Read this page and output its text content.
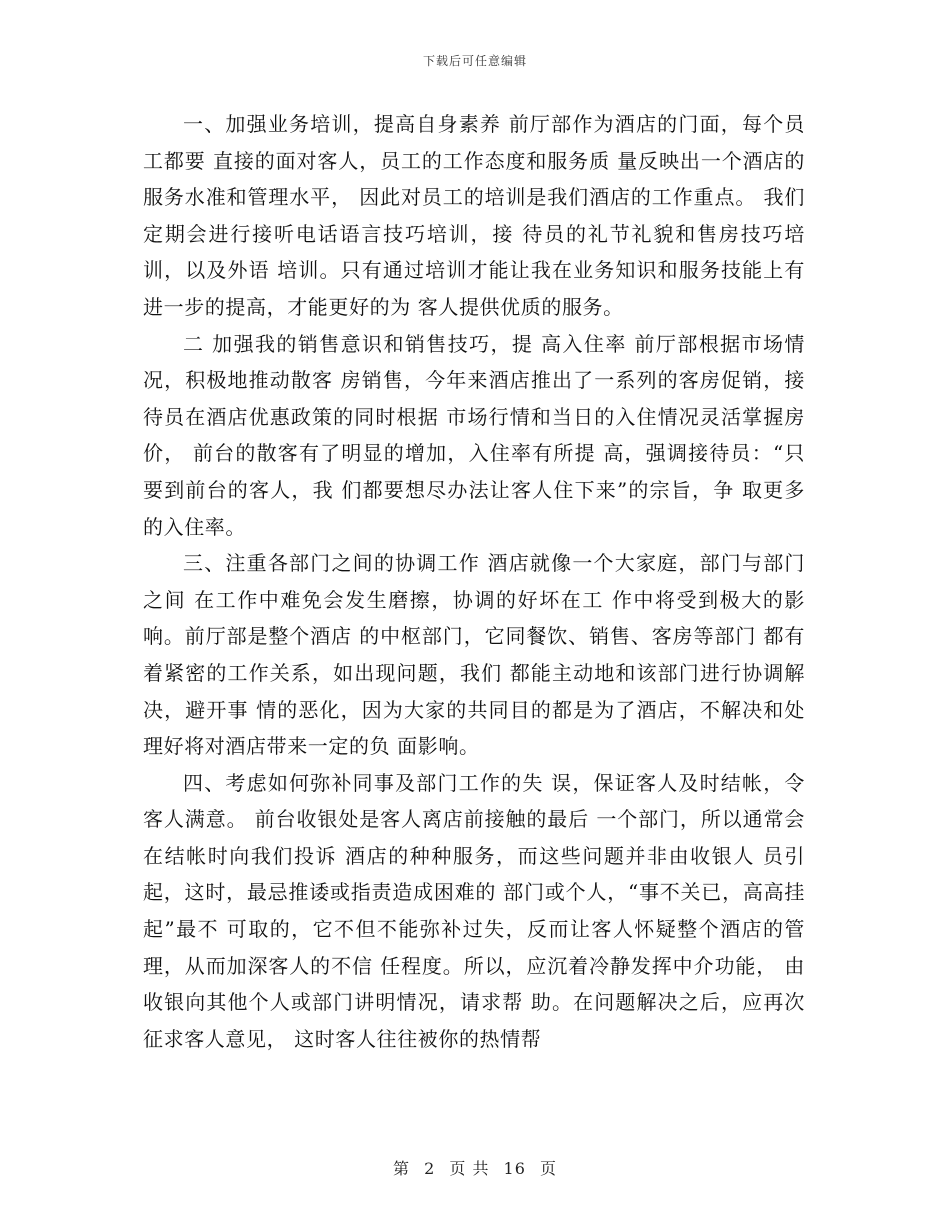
下载后可任意编辑

一、加强业务培训，提高自身素养 前厅部作为酒店的门面，每个员工都要 直接的面对客人，员工的工作态度和服务质 量反映出一个酒店的服务水准和管理水平， 因此对员工的培训是我们酒店的工作重点。 我们定期会进行接听电话语言技巧培训，接 待员的礼节礼貌和售房技巧培训，以及外语 培训。只有通过培训才能让我在业务知识和服务技能上有进一步的提高，才能更好的为 客人提供优质的服务。

二 加强我的销售意识和销售技巧，提 高入住率 前厅部根据市场情况，积极地推动散客 房销售，今年来酒店推出了一系列的客房促销，接待员在酒店优惠政策的同时根据 市场行情和当日的入住情况灵活掌握房价， 前台的散客有了明显的增加，入住率有所提 高，强调接待员：“只要到前台的客人，我 们都要想尽办法让客人住下来”的宗旨，争 取更多的入住率。

三、注重各部门之间的协调工作 酒店就像一个大家庭，部门与部门之间 在工作中难免会发生磨擦，协调的好坏在工 作中将受到极大的影响。前厅部是整个酒店 的中枢部门，它同餐饮、销售、客房等部门 都有着紧密的工作关系，如出现问题，我们 都能主动地和该部门进行协调解决，避开事 情的恶化，因为大家的共同目的都是为了酒店，不解决和处理好将对酒店带来一定的负 面影响。

四、考虑如何弥补同事及部门工作的失 误，保证客人及时结帐，令客人满意。 前台收银处是客人离店前接触的最后 一个部门，所以通常会在结帐时向我们投诉 酒店的种种服务，而这些问题并非由收银人 员引起，这时，最忌推诿或指责造成困难的 部门或个人，“事不关已，高高挂起”最不 可取的，它不但不能弥补过失，反而让客人怀疑整个酒店的管理，从而加深客人的不信 任程度。所以，应沉着冷静发挥中介功能， 由收银向其他个人或部门讲明情况，请求帮 助。在问题解决之后，应再次征求客人意见， 这时客人往往被你的热情帮

第 2 页 共 16 页
